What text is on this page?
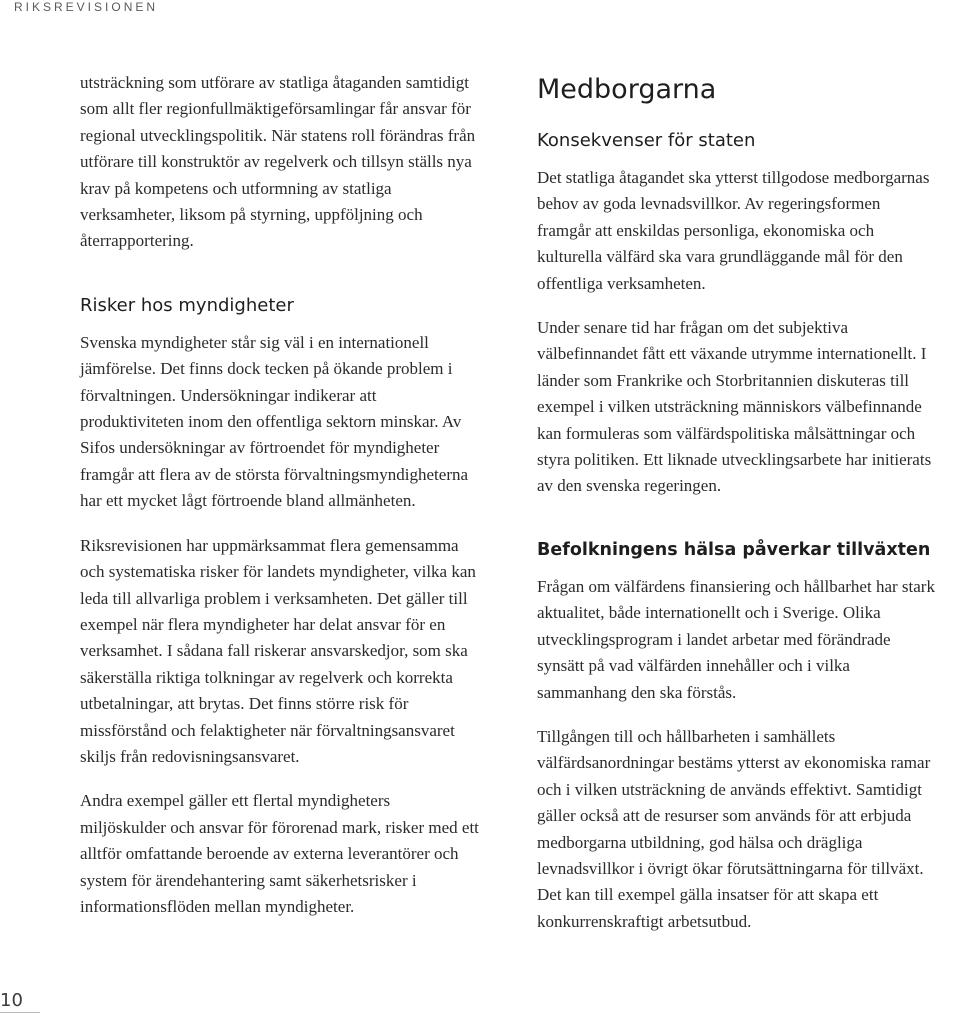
RIKSREVISIONEN

utsträckning som utförare av statliga åtaganden samtidigt som allt fler regionfullmäktigeförsamlingar får ansvar för regional utvecklingspolitik. När statens roll förändras från utförare till konstruktör av regelverk och tillsyn ställs nya krav på kompetens och utformning av statliga verksamheter, liksom på styrning, uppföljning och återrapportering.

Risker hos myndigheter

Svenska myndigheter står sig väl i en internationell jämförelse. Det finns dock tecken på ökande problem i förvaltningen. Undersökningar indikerar att produktiviteten inom den offentliga sektorn minskar. Av Sifos undersökningar av förtroendet för myndigheter framgår att flera av de största förvaltningsmyndigheterna har ett mycket lågt förtroende bland allmänheten.

Riksrevisionen har uppmärksammat flera gemensamma och systematiska risker för landets myndigheter, vilka kan leda till allvarliga problem i verksamheten. Det gäller till exempel när flera myndigheter har delat ansvar för en verksamhet. I sådana fall riskerar ansvarskedjor, som ska säkerställa riktiga tolkningar av regelverk och korrekta utbetalningar, att brytas. Det finns större risk för missförstånd och felaktigheter när förvaltningsansvaret skiljs från redovisningsansvaret.

Andra exempel gäller ett flertal myndigheters miljöskulder och ansvar för förorenad mark, risker med ett alltför omfattande beroende av externa leverantörer och system för ärendehantering samt säkerhetsrisker i informationsflöden mellan myndigheter.

Medborgarna
Konsekvenser för staten

Det statliga åtagandet ska ytterst tillgodose medborgarnas behov av goda levnadsvillkor. Av regeringsformen framgår att enskildas personliga, ekonomiska och kulturella välfärd ska vara grundläggande mål för den offentliga verksamheten.

Under senare tid har frågan om det subjektiva välbefinnandet fått ett växande utrymme internationellt. I länder som Frankrike och Storbritannien diskuteras till exempel i vilken utsträckning människors välbefinnande kan formuleras som välfärdspolitiska målsättningar och styra politiken. Ett liknade utvecklingsarbete har initierats av den svenska regeringen.

Befolkningens hälsa påverkar tillväxten

Frågan om välfärdens finansiering och hållbarhet har stark aktualitet, både internationellt och i Sverige. Olika utvecklingsprogram i landet arbetar med förändrade synsätt på vad välfärden innehåller och i vilka sammanhang den ska förstås.

Tillgången till och hållbarheten i samhällets välfärdsanordningar bestäms ytterst av ekonomiska ramar och i vilken utsträckning de används effektivt. Samtidigt gäller också att de resurser som används för att erbjuda medborgarna utbildning, god hälsa och drägliga levnadsvillkor i övrigt ökar förutsättningarna för tillväxt. Det kan till exempel gälla insatser för att skapa ett konkurrenskraftigt arbetsutbud.

10
